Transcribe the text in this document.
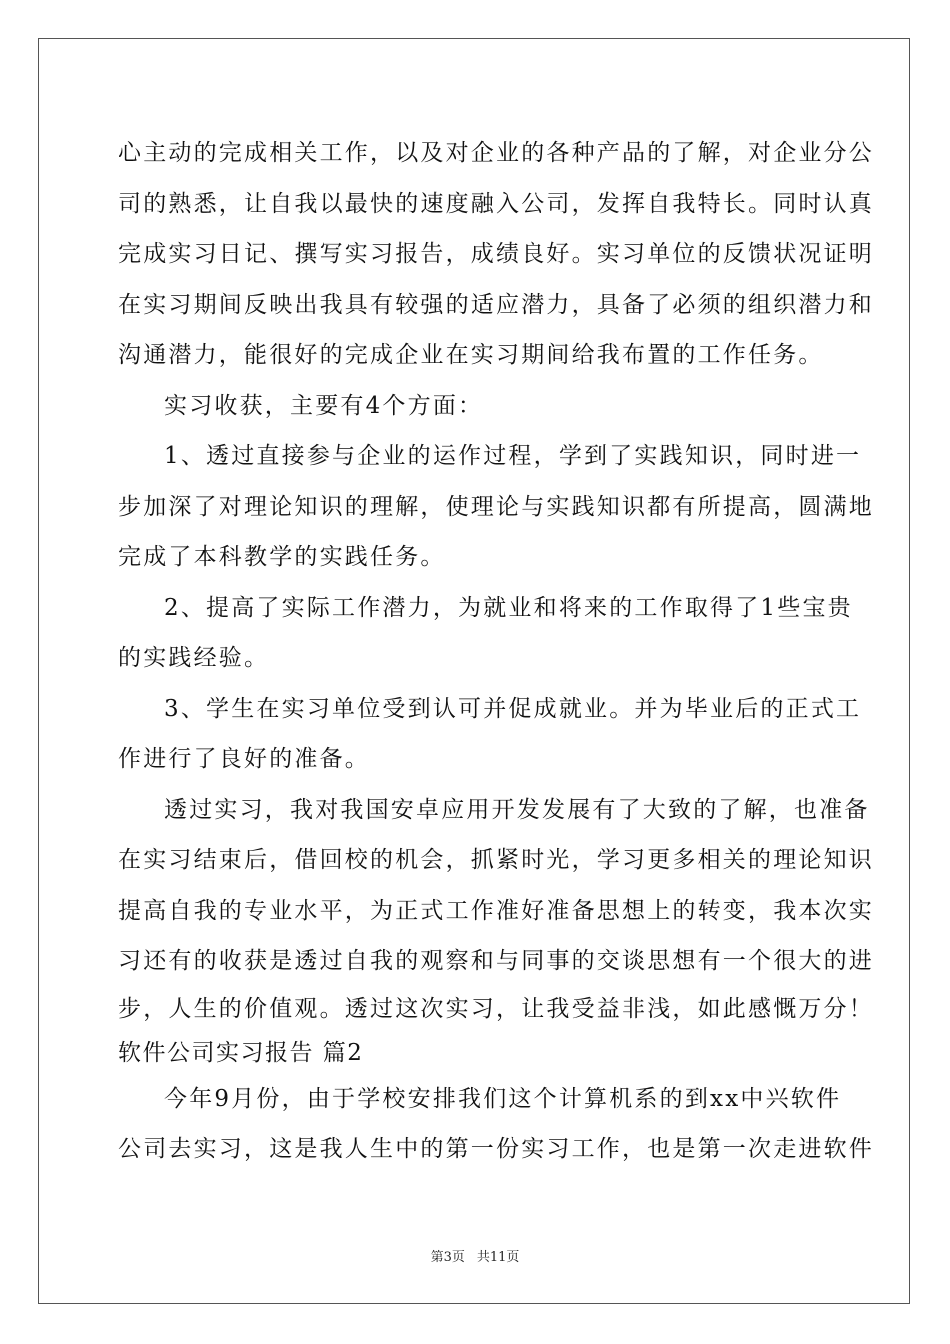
心主动的完成相关工作，以及对企业的各种产品的了解，对企业分公
司的熟悉，让自我以最快的速度融入公司，发挥自我特长。同时认真
完成实习日记、撰写实习报告，成绩良好。实习单位的反馈状况证明
在实习期间反映出我具有较强的适应潜力，具备了必须的组织潜力和
沟通潜力，能很好的完成企业在实习期间给我布置的工作任务。
实习收获，主要有4个方面：
1、透过直接参与企业的运作过程，学到了实践知识，同时进一
步加深了对理论知识的理解，使理论与实践知识都有所提高，圆满地
完成了本科教学的实践任务。
2、提高了实际工作潜力，为就业和将来的工作取得了1些宝贵
的实践经验。
3、学生在实习单位受到认可并促成就业。并为毕业后的正式工
作进行了良好的准备。
透过实习，我对我国安卓应用开发发展有了大致的了解，也准备
在实习结束后，借回校的机会，抓紧时光，学习更多相关的理论知识
提高自我的专业水平，为正式工作准好准备思想上的转变，我本次实
习还有的收获是透过自我的观察和与同事的交谈思想有一个很大的进
步，人生的价值观。透过这次实习，让我受益非浅，如此感慨万分！
软件公司实习报告 篇2
今年9月份，由于学校安排我们这个计算机系的到xx中兴软件
公司去实习，这是我人生中的第一份实习工作，也是第一次走进软件
第3页 共11页
